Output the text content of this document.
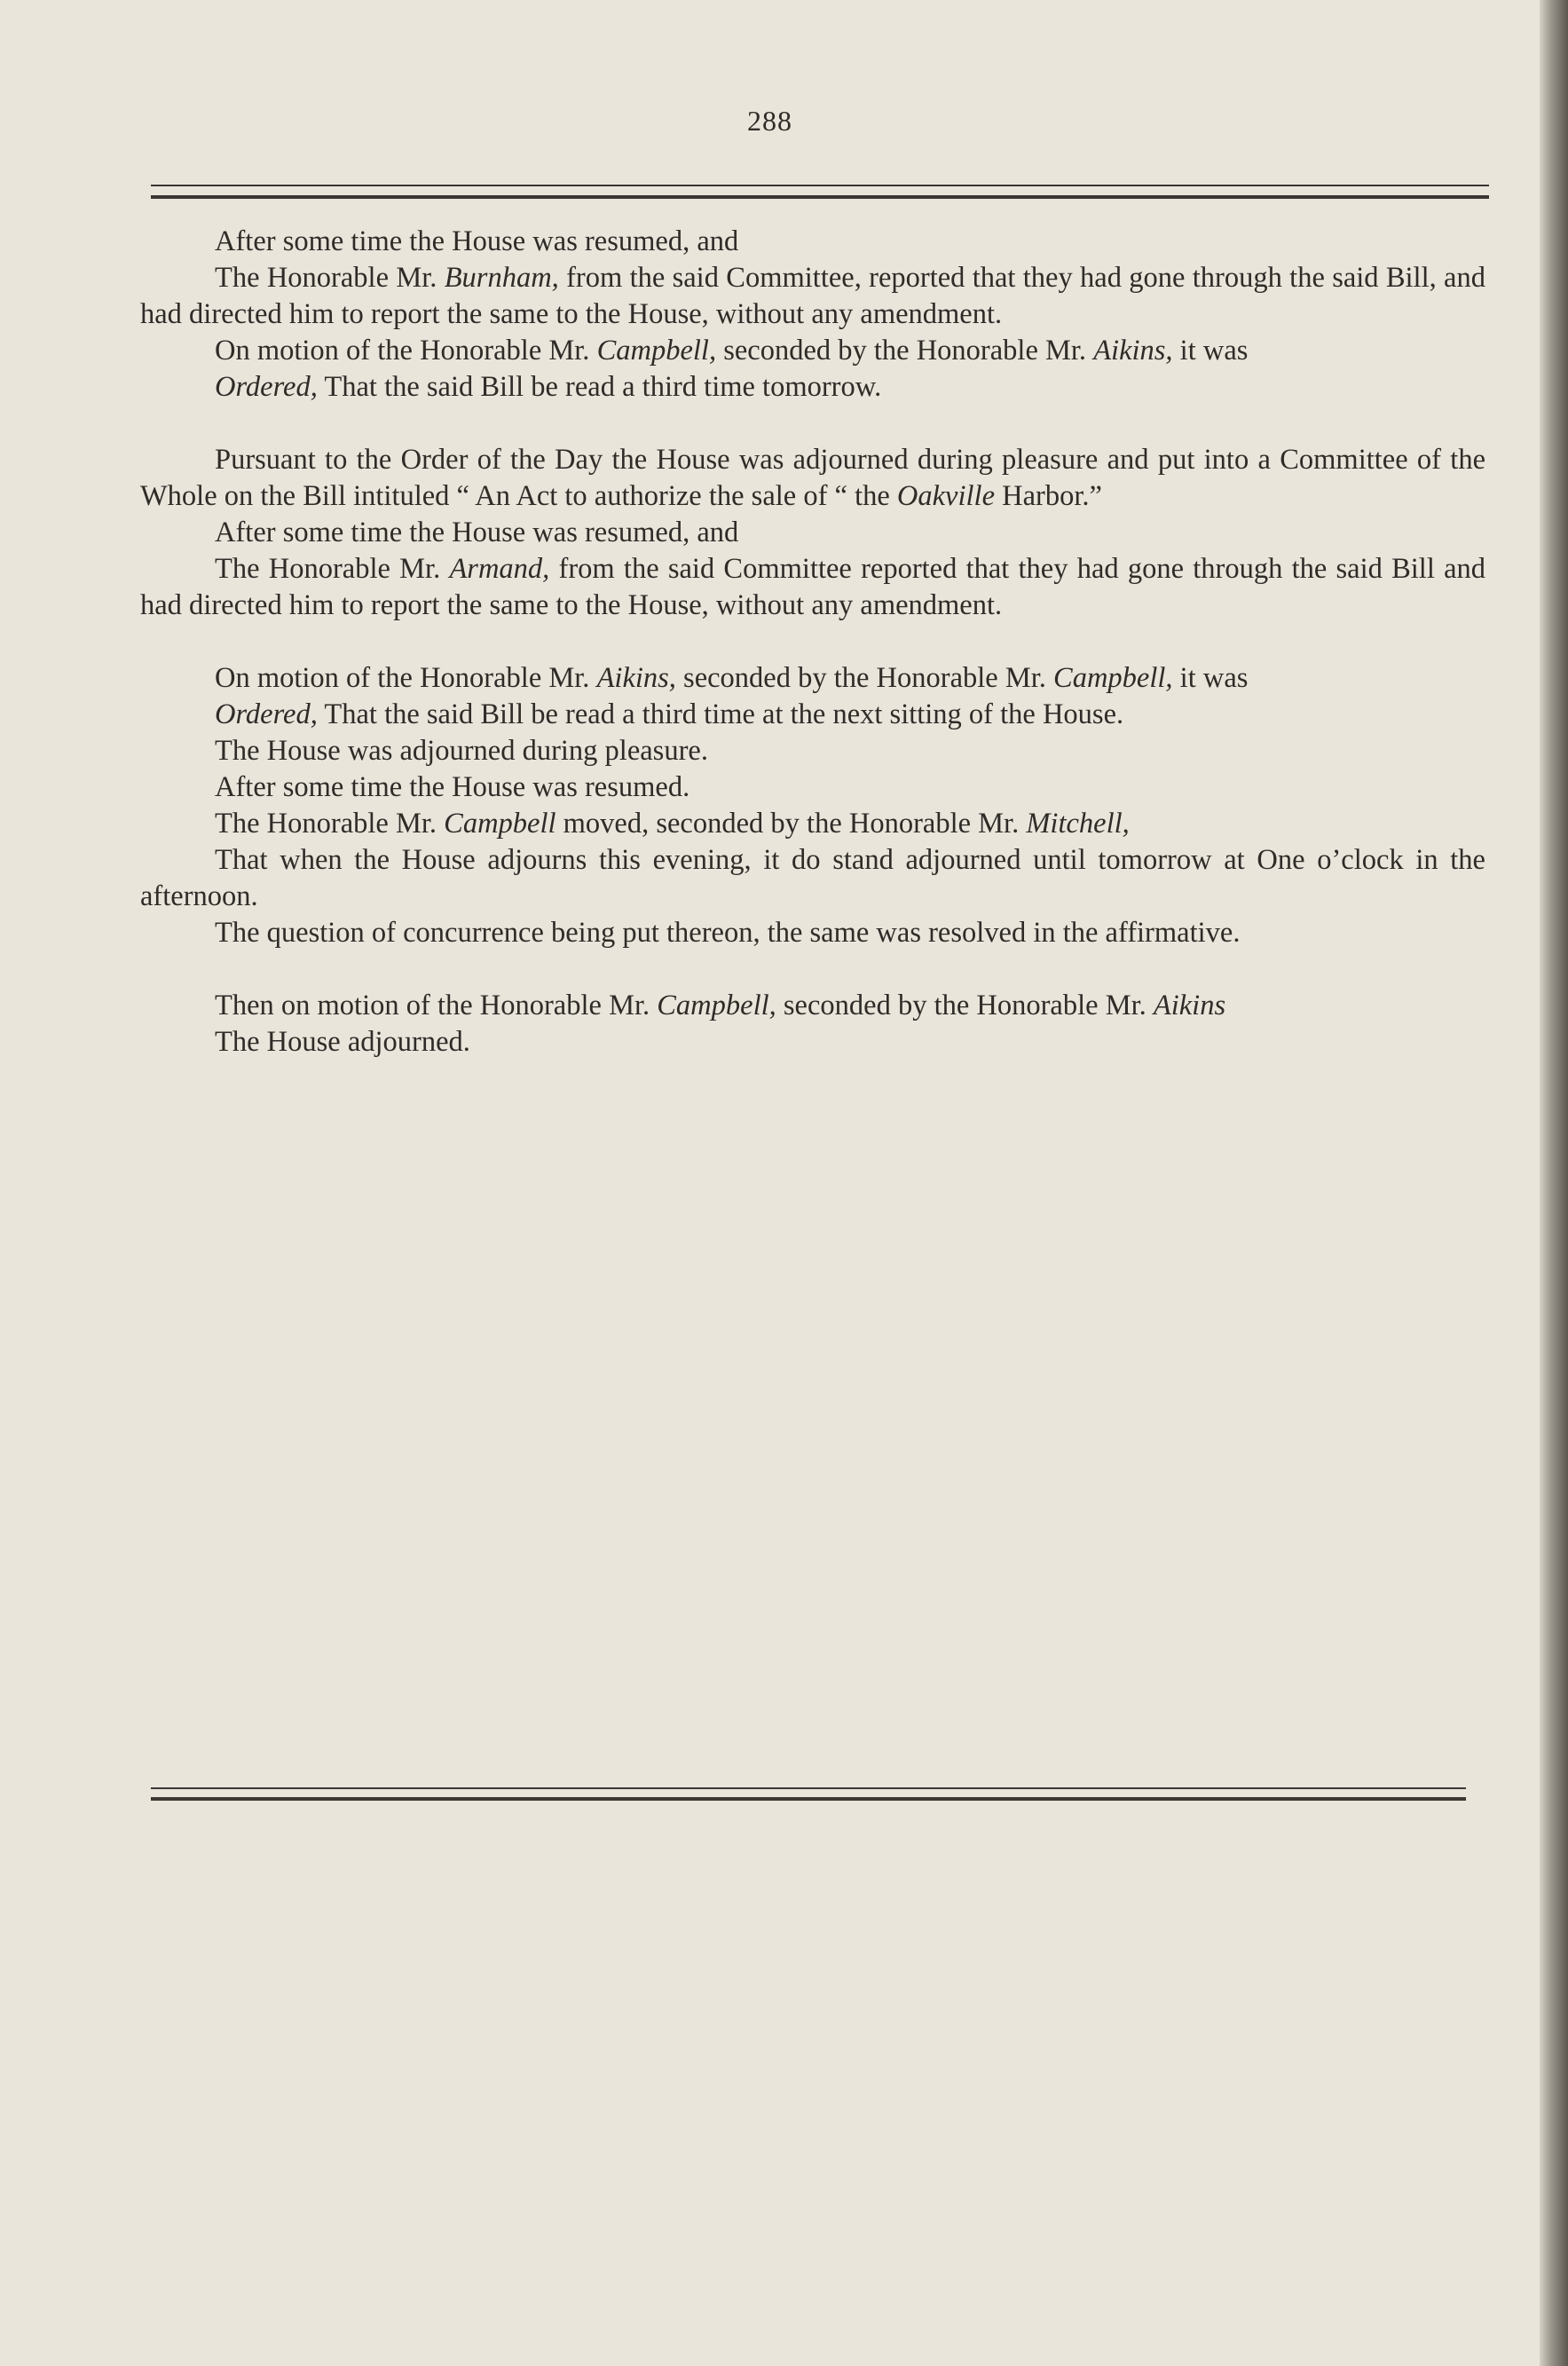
288

After some time the House was resumed, and

The Honorable Mr. Burnham, from the said Committee, reported that they had gone through the said Bill, and had directed him to report the same to the House, without any amendment.

On motion of the Honorable Mr. Campbell, seconded by the Honorable Mr. Aikins, it was

Ordered, That the said Bill be read a third time tomorrow.

Pursuant to the Order of the Day the House was adjourned during pleasure and put into a Committee of the Whole on the Bill intituled “ An Act to authorize the sale of “ the Oakville Harbor.”

After some time the House was resumed, and

The Honorable Mr. Armand, from the said Committee reported that they had gone through the said Bill and had directed him to report the same to the House, without any amendment.

On motion of the Honorable Mr. Aikins, seconded by the Honorable Mr. Campbell, it was

Ordered, That the said Bill be read a third time at the next sitting of the House.

The House was adjourned during pleasure.

After some time the House was resumed.

The Honorable Mr. Campbell moved, seconded by the Honorable Mr. Mitchell,

That when the House adjourns this evening, it do stand adjourned until tomorrow at One o’clock in the afternoon.

The question of concurrence being put thereon, the same was resolved in the affirmative.

Then on motion of the Honorable Mr. Campbell, seconded by the Honorable Mr. Aikins

The House adjourned.
